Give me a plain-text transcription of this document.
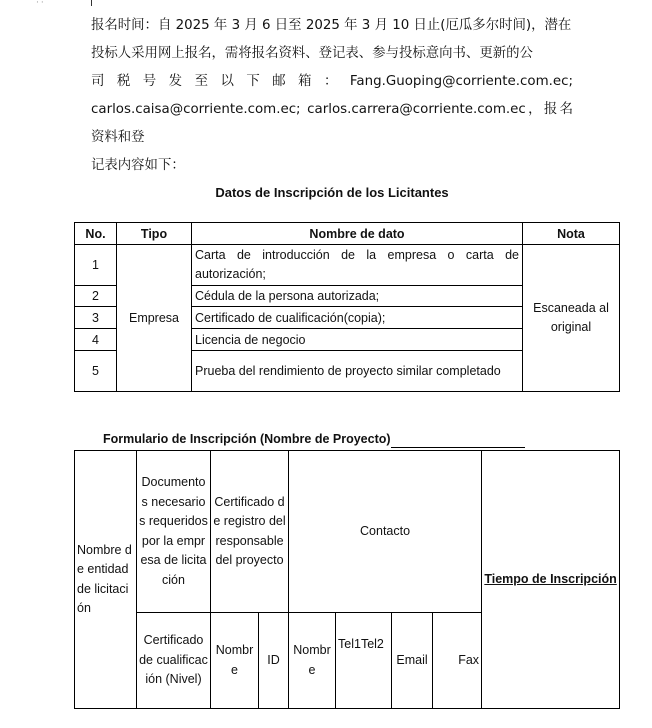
··
报名时间：自 2025 年 3 月 6 日至 2025 年 3 月 10 日止(厄瓜多尔时间)，潜在
投标人采用网上报名，需将报名资料、登记表、参与投标意向书、更新的公
司 税 号 发 至 以 下 邮 箱 ： Fang.Guoping@corriente.com.ec;
carlos.caisa@corriente.com.ec; carlos.carrera@corriente.com.ec，报名资料和登
记表内容如下：
Datos de Inscripción de los Licitantes
No.	Tipo	Nombre de dato	Nota
1	Empresa	Carta de introducción de la empresa o carta de autorización;	Escaneada al original
2		Cédula de la persona autorizada;	
3		Certificado de cualificación(copia);	
4		Licencia de negocio	
5		Prueba del rendimiento de proyecto similar completado	
Formulario de Inscripción (Nombre de Proyecto)
Nombre de entidad de licitación	Documentos necesarios requeridos por la empresa de licitación	Certificado de registro del responsable del proyecto		Contacto				Tiempo de Inscripción
	Certificado de cualificación (Nivel)	Nombre	ID	Nombre	Tel1Tel2	Email	Fax	
